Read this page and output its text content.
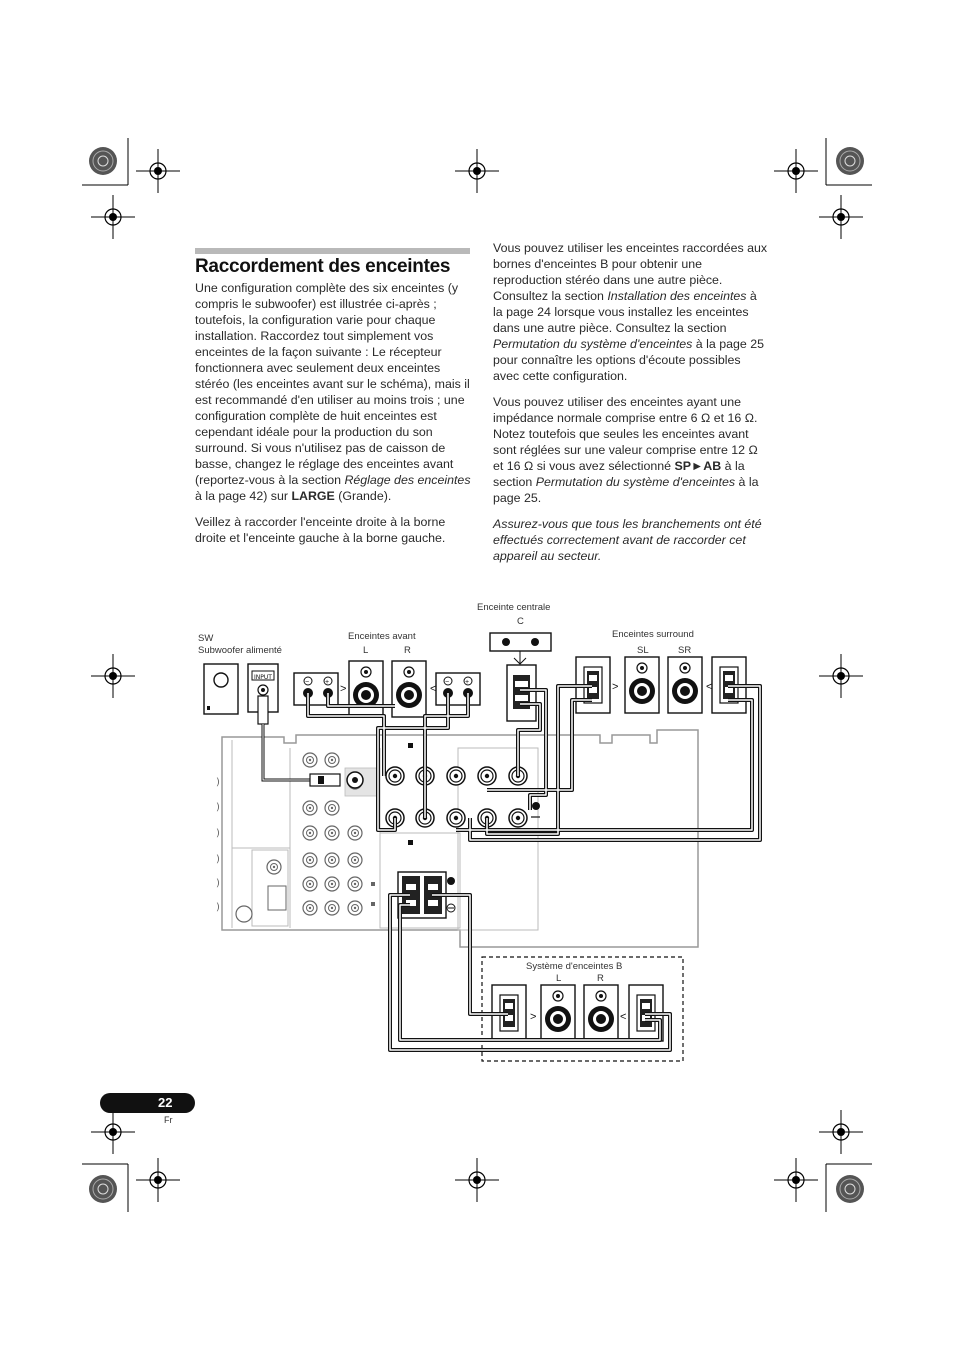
Raccordement des enceintes

Une configuration complète des six enceintes (y compris le subwoofer) est illustrée ci-après ; toutefois, la configuration varie pour chaque installation. Raccordez tout simplement vos enceintes de la façon suivante : Le récepteur fonctionnera avec seulement deux enceintes stéréo (les enceintes avant sur le schéma), mais il est recommandé d'en utiliser au moins trois ; une configuration complète de huit enceintes est cependant idéale pour la production du son surround. Si vous n'utilisez pas de caisson de basse, changez le réglage des enceintes avant (reportez-vous à la section Réglage des enceintes à la page 42) sur LARGE (Grande).

Veillez à raccorder l'enceinte droite à la borne droite et l'enceinte gauche à la borne gauche.

Vous pouvez utiliser les enceintes raccordées aux bornes d'enceintes B pour obtenir une reproduction stéréo dans une autre pièce. Consultez la section Installation des enceintes à la page 24 lorsque vous installez les enceintes dans une autre pièce. Consultez la section Permutation du système d'enceintes à la page 25 pour connaître les options d'écoute possibles avec cette configuration.

Vous pouvez utiliser des enceintes ayant une impédance normale comprise entre 6 Ω et 16 Ω.

Notez toutefois que seules les enceintes avant sont réglées sur une valeur comprise entre 12 Ω et 16 Ω si vous avez sélectionné SP►AB à la section Permutation du système d'enceintes à la page 25.

Assurez-vous que tous les branchements ont été effectués correctement avant de raccorder cet appareil au secteur.

Enceinte centrale
C
SW
Subwoofer alimenté
Enceintes avant
L	R
Enceintes surround
SL	SR
Système d'enceintes B
L	R
)
)
)
)
)
)
INPUT
− +
>	<
− +	>	<
>	<
22
Fr
